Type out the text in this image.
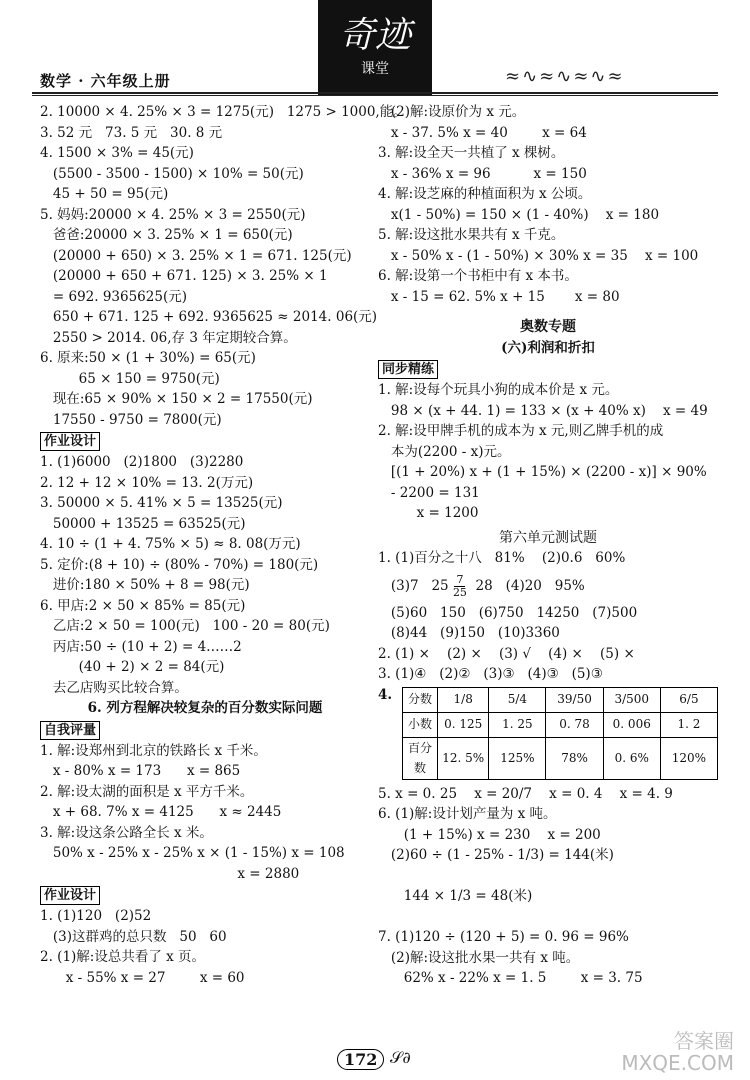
奇迹
课堂
数学 · 六年级上册	≈∿≈∿≈∿≈
2. 10000 × 4. 25% × 3 = 1275(元)   1275 > 1000,能。
3. 52 元   73. 5 元   30. 8 元
4. 1500 × 3% = 45(元)
(5500 - 3500 - 1500) × 10% = 50(元)
45 + 50 = 95(元)
5. 妈妈:20000 × 4. 25% × 3 = 2550(元)
爸爸:20000 × 3. 25% × 1 = 650(元)
(20000 + 650) × 3. 25% × 1 = 671. 125(元)
(20000 + 650 + 671. 125) × 3. 25% × 1
= 692. 9365625(元)
650 + 671. 125 + 692. 9365625 ≈ 2014. 06(元)
2550 > 2014. 06,存 3 年定期较合算。
6. 原来:50 × (1 + 30%) = 65(元)
65 × 150 = 9750(元)
现在:65 × 90% × 150 × 2 = 17550(元)
17550 - 9750 = 7800(元)
作业设计
1. (1)6000   (2)1800   (3)2280
2. 12 + 12 × 10% = 13. 2(万元)
3. 50000 × 5. 41% × 5 = 13525(元)
50000 + 13525 = 63525(元)
4. 10 ÷ (1 + 4. 75% × 5) ≈ 8. 08(万元)
5. 定价:(8 + 10) ÷ (80% - 70%) = 180(元)
进价:180 × 50% + 8 = 98(元)
6. 甲店:2 × 50 × 85% = 85(元)
乙店:2 × 50 = 100(元)   100 - 20 = 80(元)
丙店:50 ÷ (10 + 2) = 4……2
(40 + 2) × 2 = 84(元)
去乙店购买比较合算。
6. 列方程解决较复杂的百分数实际问题
自我评量
1. 解:设郑州到北京的铁路长 x 千米。
x - 80% x = 173      x = 865
2. 解:设太湖的面积是 x 平方千米。
x + 68. 7% x = 4125      x ≈ 2445
3. 解:设这条公路全长 x 米。
50% x - 25% x - 25% x × (1 - 15%) x = 108
x = 2880
作业设计
1. (1)120   (2)52
(3)这群鸡的总只数   50   60
2. (1)解:设总共看了 x 页。
x - 55% x = 27        x = 60
(2)解:设原价为 x 元。
x - 37. 5% x = 40        x = 64
3. 解:设全天一共植了 x 棵树。
x - 36% x = 96          x = 150
4. 解:设芝麻的种植面积为 x 公顷。
x(1 - 50%) = 150 × (1 - 40%)    x = 180
5. 解:设这批水果共有 x 千克。
x - 50% x - (1 - 50%) × 30% x = 35    x = 100
6. 解:设第一个书柜中有 x 本书。
x - 15 = 62. 5% x + 15       x = 80
奥数专题
(六)利润和折扣
同步精练
1. 解:设每个玩具小狗的成本价是 x 元。
98 × (x + 44. 1) = 133 × (x + 40% x)    x = 49
2. 解:设甲牌手机的成本为 x 元,则乙牌手机的成
本为(2200 - x)元。
[(1 + 20%) x + (1 + 15%) × (2200 - x)] × 90%
- 2200 = 131
x = 1200
第六单元测试题
1. (1)百分之十八   81%    (2)0.6   60%
(3)7   $25 \frac{7}{25} 28$   (4)20   95%
(5)60   150   (6)750   14250   (7)500
(8)44   (9)150   (10)3360
2. (1) ×    (2) ×    (3) √    (4) ×    (5) ×
3. (1)④   (2)②   (3)③   (4)③   (5)③
4. 分数	1/8	5/4	39/50	3/500	6/5
小数	0. 125	1. 25	0. 78	0. 006	1. 2
百分数	12. 5%	125%	78%	0. 6%	120%
5. x = 0. 25    x = 20/7    x = 0. 4    x = 4. 9
6. (1)解:设计划产量为 x 吨。
(1 + 15%) x = 230    x = 200
(2)60 ÷ (1 - 25% - 1/3) = 144(米)
144 × 1/3 = 48(米)
7. (1)120 ÷ (120 + 5) = 0. 96 = 96%
(2)解:设这批水果一共有 x 吨。
62% x - 22% x = 1. 5        x = 3. 75
172 𝒮∂
答案圈
MXQE.COM
